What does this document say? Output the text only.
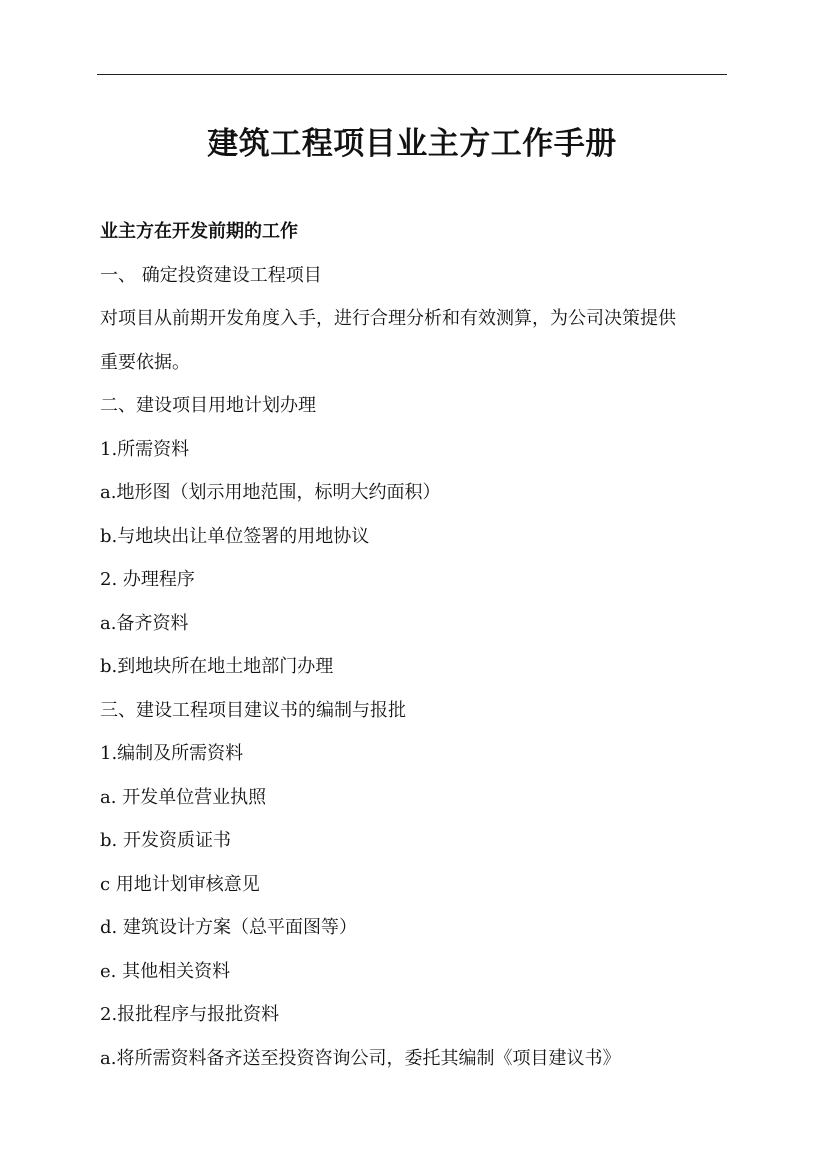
建筑工程项目业主方工作手册

业主方在开发前期的工作

一、 确定投资建设工程项目

对项目从前期开发角度入手，进行合理分析和有效测算，为公司决策提供

重要依据。

二、建设项目用地计划办理

1.所需资料

a.地形图（划示用地范围，标明大约面积）

b.与地块出让单位签署的用地协议

2. 办理程序

a.备齐资料

b.到地块所在地土地部门办理

三、建设工程项目建议书的编制与报批

1.编制及所需资料

a. 开发单位营业执照

b. 开发资质证书

c 用地计划审核意见

d. 建筑设计方案（总平面图等）

e. 其他相关资料

2.报批程序与报批资料

a.将所需资料备齐送至投资咨询公司，委托其编制《项目建议书》
